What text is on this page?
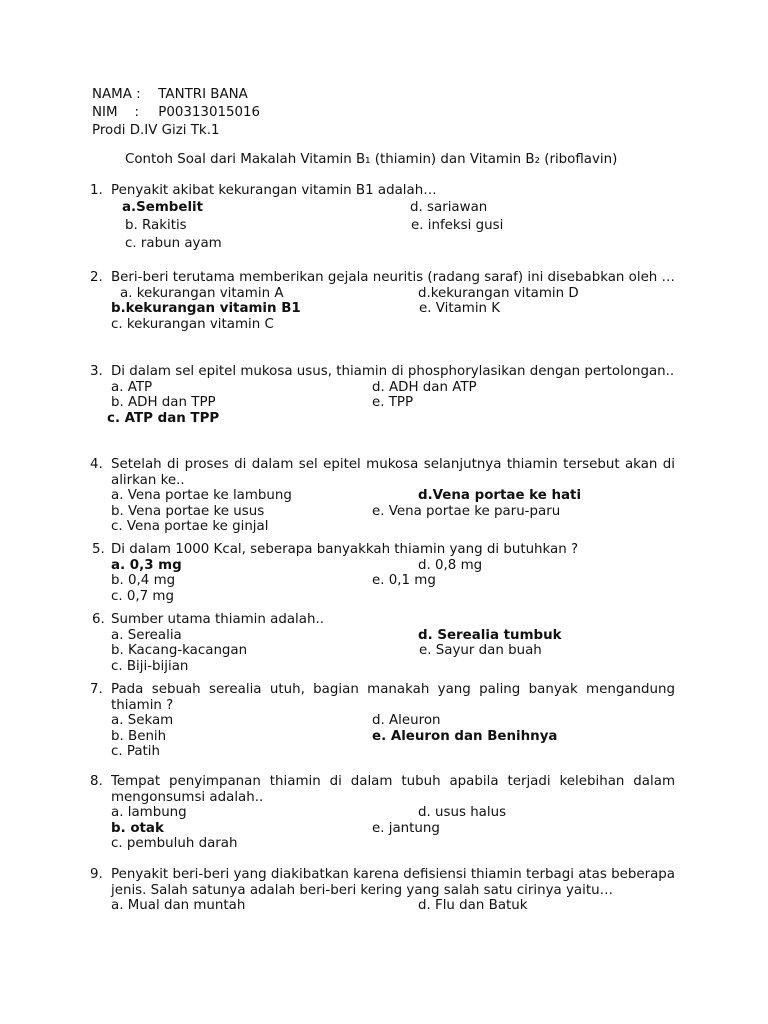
NAMA : TANTRI BANA
NIM    : P00313015016
Prodi D.IV Gizi Tk.1
Contoh Soal dari Makalah Vitamin B₁ (thiamin) dan Vitamin B₂ (riboflavin)
1. Penyakit akibat kekurangan vitamin B1 adalah…
a.Sembelit	d. sariawan
b. Rakitis	e. infeksi gusi
c. rabun ayam
2. Beri-beri terutama memberikan gejala neuritis (radang saraf) ini disebabkan oleh …
a. kekurangan vitamin A	d.kekurangan vitamin D
b.kekurangan vitamin B1	e. Vitamin K
c. kekurangan vitamin C
3. Di dalam sel epitel mukosa usus, thiamin di phosphorylasikan dengan pertolongan..
a. ATP	d. ADH dan ATP
b. ADH dan TPP	e. TPP
c. ATP dan TPP
4. Setelah di proses di dalam sel epitel mukosa selanjutnya thiamin tersebut akan di alirkan ke..
a. Vena portae ke lambung	d.Vena portae ke hati
b. Vena portae ke usus	e. Vena portae ke paru-paru
c. Vena portae ke ginjal
5. Di dalam 1000 Kcal, seberapa banyakkah thiamin yang di butuhkan ?
a. 0,3 mg	d. 0,8 mg
b. 0,4 mg	e. 0,1 mg
c. 0,7 mg
6. Sumber utama thiamin adalah..
a. Serealia	d. Serealia tumbuk
b. Kacang-kacangan	e. Sayur dan buah
c. Biji-bijian
7. Pada sebuah serealia utuh, bagian manakah yang paling banyak mengandung thiamin ?
a. Sekam	d. Aleuron
b. Benih	e. Aleuron dan Benihnya
c. Patih
8. Tempat penyimpanan thiamin di dalam tubuh apabila terjadi kelebihan dalam mengonsumsi adalah..
a. lambung	d. usus halus
b. otak	e. jantung
c. pembuluh darah
9. Penyakit beri-beri yang diakibatkan karena defisiensi thiamin terbagi atas beberapa jenis. Salah satunya adalah beri-beri kering yang salah satu cirinya yaitu…
a. Mual dan muntah	d. Flu dan Batuk
